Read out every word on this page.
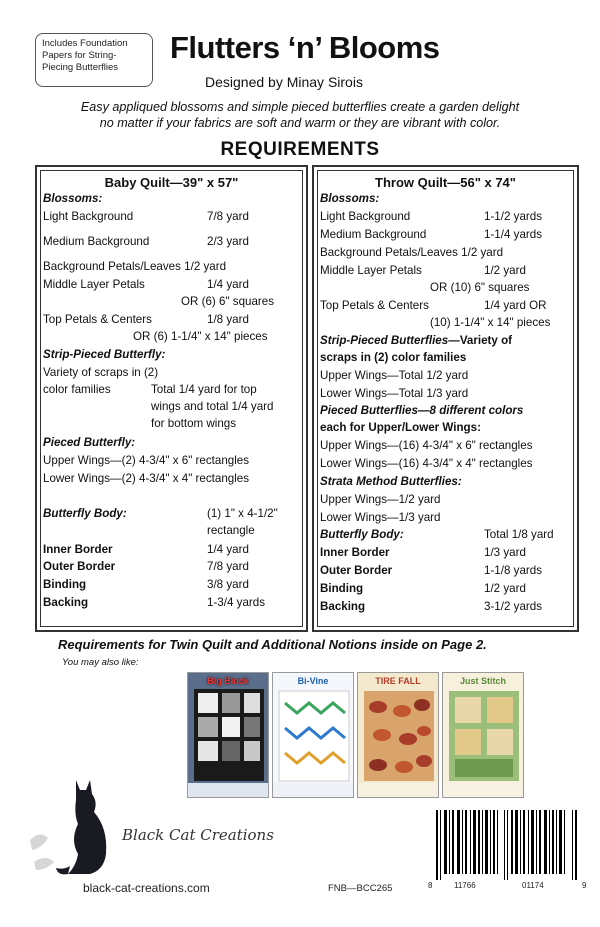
Includes Foundation
Papers for String-
Piecing Butterflies
Flutters ‘n’ Blooms
Designed by Minay Sirois
Easy appliqued blossoms and simple pieced butterflies create a garden delight
no matter if your fabrics are soft and warm or they are vibrant with color.
REQUIREMENTS
Baby Quilt—39" x 57"
Blossoms:
Light Background	7/8 yard
Medium Background	2/3 yard
Background Petals/Leaves 1/2 yard
Middle Layer Petals	1/4 yard
OR (6) 6" squares
Top Petals & Centers	1/8 yard
OR (6) 1-1/4" x 14" pieces
Strip-Pieced Butterfly:
Variety of scraps in (2)
color families	Total 1/4 yard for top
wings and total 1/4 yard
for bottom wings
Pieced Butterfly:
Upper Wings—(2) 4-3/4" x 6" rectangles
Lower Wings—(2) 4-3/4" x 4" rectangles
Butterfly Body:	(1) 1" x 4-1/2"
rectangle
Inner Border	1/4 yard
Outer Border	7/8 yard
Binding	3/8 yard
Backing	1-3/4 yards
Throw Quilt—56" x 74"
Blossoms:
Light Background	1-1/2 yards
Medium Background	1-1/4 yards
Background Petals/Leaves 1/2 yard
Middle Layer Petals	1/2 yard
OR (10) 6" squares
Top Petals & Centers	1/4 yard OR
(10) 1-1/4" x 14" pieces
Strip-Pieced Butterflies—Variety of
scraps in (2) color families
Upper Wings—Total 1/2 yard
Lower Wings—Total 1/3 yard
Pieced Butterflies—8 different colors
each for Upper/Lower Wings:
Upper Wings—(16) 4-3/4" x 6" rectangles
Lower Wings—(16) 4-3/4" x 4" rectangles
Strata Method Butterflies:
Upper Wings—1/2 yard
Lower Wings—1/3 yard
Butterfly Body:	Total 1/8 yard
Inner Border	1/3 yard
Outer Border	1-1/8 yards
Binding	1/2 yard
Backing	3-1/2 yards
Requirements for Twin Quilt and Additional Notions inside on Page 2.
You may also like:
Big Block	Bi-Vine	TIRE FALL	Just Stitch
Black Cat Creations
black-cat-creations.com	FNB—BCC265	8	11766	01174	9
